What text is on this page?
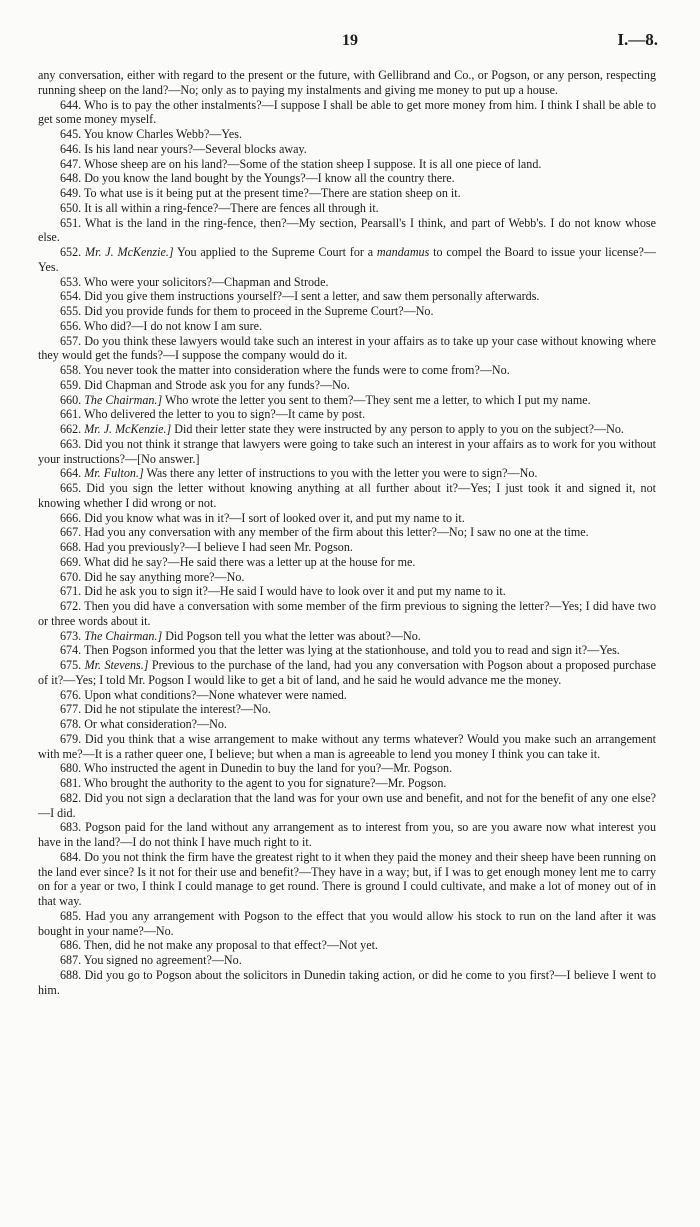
19	I.—8.

any conversation, either with regard to the present or the future, with Gellibrand and Co., or Pogson, or any person, respecting running sheep on the land?—No; only as to paying my instalments and giving me money to put up a house.

644. Who is to pay the other instalments?—I suppose I shall be able to get more money from him. I think I shall be able to get some money myself.

645. You know Charles Webb?—Yes.

646. Is his land near yours?—Several blocks away.

647. Whose sheep are on his land?—Some of the station sheep I suppose. It is all one piece of land.

648. Do you know the land bought by the Youngs?—I know all the country there.

649. To what use is it being put at the present time?—There are station sheep on it.

650. It is all within a ring-fence?—There are fences all through it.

651. What is the land in the ring-fence, then?—My section, Pearsall's I think, and part of Webb's. I do not know whose else.

652. Mr. J. McKenzie.] You applied to the Supreme Court for a mandamus to compel the Board to issue your license?—Yes.

653. Who were your solicitors?—Chapman and Strode.

654. Did you give them instructions yourself?—I sent a letter, and saw them personally afterwards.

655. Did you provide funds for them to proceed in the Supreme Court?—No.

656. Who did?—I do not know I am sure.

657. Do you think these lawyers would take such an interest in your affairs as to take up your case without knowing where they would get the funds?—I suppose the company would do it.

658. You never took the matter into consideration where the funds were to come from?—No.

659. Did Chapman and Strode ask you for any funds?—No.

660. The Chairman.] Who wrote the letter you sent to them?—They sent me a letter, to which I put my name.

661. Who delivered the letter to you to sign?—It came by post.

662. Mr. J. McKenzie.] Did their letter state they were instructed by any person to apply to you on the subject?—No.

663. Did you not think it strange that lawyers were going to take such an interest in your affairs as to work for you without your instructions?—[No answer.]

664. Mr. Fulton.] Was there any letter of instructions to you with the letter you were to sign?—No.

665. Did you sign the letter without knowing anything at all further about it?—Yes; I just took it and signed it, not knowing whether I did wrong or not.

666. Did you know what was in it?—I sort of looked over it, and put my name to it.

667. Had you any conversation with any member of the firm about this letter?—No; I saw no one at the time.

668. Had you previously?—I believe I had seen Mr. Pogson.

669. What did he say?—He said there was a letter up at the house for me.

670. Did he say anything more?—No.

671. Did he ask you to sign it?—He said I would have to look over it and put my name to it.

672. Then you did have a conversation with some member of the firm previous to signing the letter?—Yes; I did have two or three words about it.

673. The Chairman.] Did Pogson tell you what the letter was about?—No.

674. Then Pogson informed you that the letter was lying at the stationhouse, and told you to read and sign it?—Yes.

675. Mr. Stevens.] Previous to the purchase of the land, had you any conversation with Pogson about a proposed purchase of it?—Yes; I told Mr. Pogson I would like to get a bit of land, and he said he would advance me the money.

676. Upon what conditions?—None whatever were named.

677. Did he not stipulate the interest?—No.

678. Or what consideration?—No.

679. Did you think that a wise arrangement to make without any terms whatever? Would you make such an arrangement with me?—It is a rather queer one, I believe; but when a man is agreeable to lend you money I think you can take it.

680. Who instructed the agent in Dunedin to buy the land for you?—Mr. Pogson.

681. Who brought the authority to the agent to you for signature?—Mr. Pogson.

682. Did you not sign a declaration that the land was for your own use and benefit, and not for the benefit of any one else?—I did.

683. Pogson paid for the land without any arrangement as to interest from you, so are you aware now what interest you have in the land?—I do not think I have much right to it.

684. Do you not think the firm have the greatest right to it when they paid the money and their sheep have been running on the land ever since? Is it not for their use and benefit?—They have in a way; but, if I was to get enough money lent me to carry on for a year or two, I think I could manage to get round. There is ground I could cultivate, and make a lot of money out of in that way.

685. Had you any arrangement with Pogson to the effect that you would allow his stock to run on the land after it was bought in your name?—No.

686. Then, did he not make any proposal to that effect?—Not yet.

687. You signed no agreement?—No.

688. Did you go to Pogson about the solicitors in Dunedin taking action, or did he come to you first?—I believe I went to him.
